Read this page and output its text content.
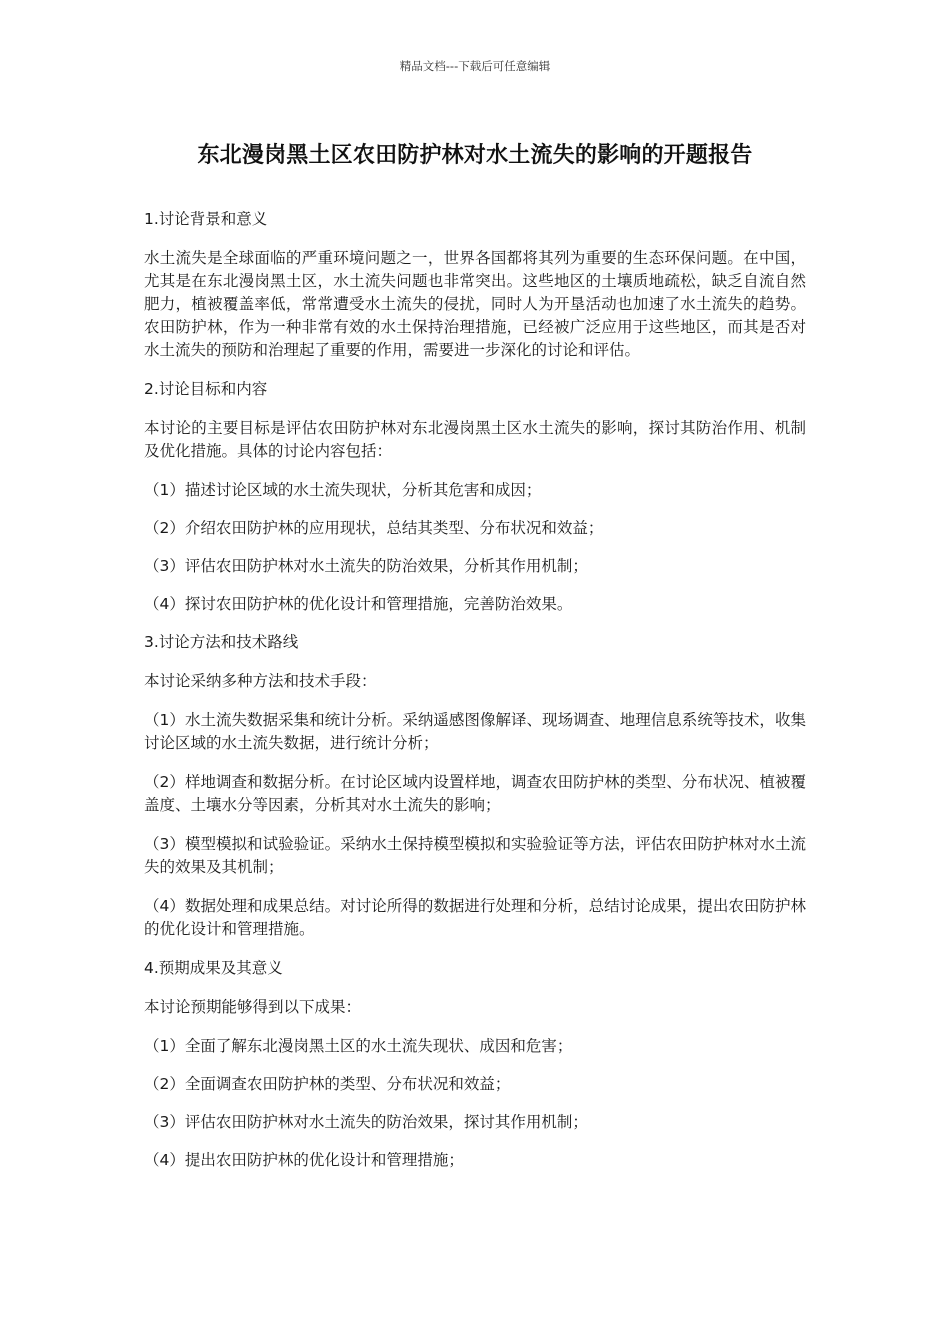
精品文档---下载后可任意编辑
东北漫岗黑土区农田防护林对水土流失的影响的开题报告

1.讨论背景和意义

水土流失是全球面临的严重环境问题之一，世界各国都将其列为重要的生态环保问题。在中国，尤其是在东北漫岗黑土区，水土流失问题也非常突出。这些地区的土壤质地疏松，缺乏自流自然肥力，植被覆盖率低，常常遭受水土流失的侵扰，同时人为开垦活动也加速了水土流失的趋势。农田防护林，作为一种非常有效的水土保持治理措施，已经被广泛应用于这些地区，而其是否对水土流失的预防和治理起了重要的作用，需要进一步深化的讨论和评估。

2.讨论目标和内容

本讨论的主要目标是评估农田防护林对东北漫岗黑土区水土流失的影响，探讨其防治作用、机制及优化措施。具体的讨论内容包括：

（1）描述讨论区域的水土流失现状，分析其危害和成因；

（2）介绍农田防护林的应用现状，总结其类型、分布状况和效益；

（3）评估农田防护林对水土流失的防治效果，分析其作用机制；

（4）探讨农田防护林的优化设计和管理措施，完善防治效果。

3.讨论方法和技术路线

本讨论采纳多种方法和技术手段：

（1）水土流失数据采集和统计分析。采纳遥感图像解译、现场调查、地理信息系统等技术，收集讨论区域的水土流失数据，进行统计分析；

（2）样地调查和数据分析。在讨论区域内设置样地，调查农田防护林的类型、分布状况、植被覆盖度、土壤水分等因素，分析其对水土流失的影响；

（3）模型模拟和试验验证。采纳水土保持模型模拟和实验验证等方法，评估农田防护林对水土流失的效果及其机制；

（4）数据处理和成果总结。对讨论所得的数据进行处理和分析，总结讨论成果，提出农田防护林的优化设计和管理措施。

4.预期成果及其意义

本讨论预期能够得到以下成果：

（1）全面了解东北漫岗黑土区的水土流失现状、成因和危害；

（2）全面调查农田防护林的类型、分布状况和效益；

（3）评估农田防护林对水土流失的防治效果，探讨其作用机制；

（4）提出农田防护林的优化设计和管理措施；
